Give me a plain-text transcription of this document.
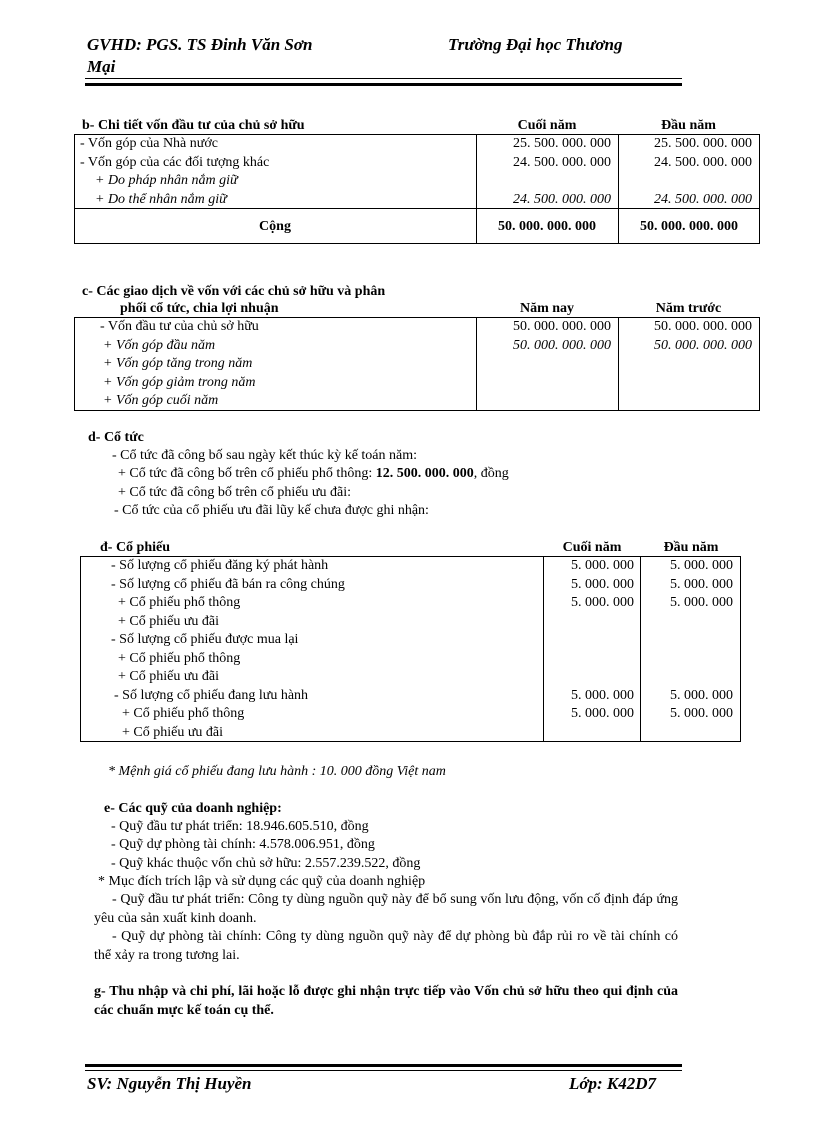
GVHD: PGS. TS Đinh Văn Sơn	Trường Đại học Thương
Mại
b- Chi tiết vốn đầu tư của chủ sở hữu	Cuối năm	Đầu năm
- Vốn góp của Nhà nước	25. 500. 000. 000	25. 500. 000. 000
- Vốn góp của các đối tượng khác	24. 500. 000. 000	24. 500. 000. 000
+ Do pháp nhân nắm giữ
+ Do thể nhân nắm giữ	24. 500. 000. 000	24. 500. 000. 000
Cộng	50. 000. 000. 000	50. 000. 000. 000
c- Các giao dịch về vốn với các chủ sở hữu và phân
phối cổ tức, chia lợi nhuận	Năm nay	Năm trước
- Vốn đầu tư của chủ sở hữu	50. 000. 000. 000	50. 000. 000. 000
+ Vốn góp đầu năm	50. 000. 000. 000	50. 000. 000. 000
+ Vốn góp tăng trong năm
+ Vốn góp giảm trong năm
+ Vốn góp cuối năm
d- Cổ tức
- Cổ tức đã công bố sau ngày kết thúc kỳ kế toán năm:
+ Cổ tức đã công bố trên cổ phiếu phổ thông: 12. 500. 000. 000, đồng
+ Cổ tức đã công bố trên cổ phiếu ưu đãi:
- Cổ tức của cổ phiếu ưu đãi lũy kế chưa được ghi nhận:
đ- Cổ phiếu	Cuối năm	Đầu năm
- Số lượng cổ phiếu đăng ký phát hành	5. 000. 000	5. 000. 000
- Số lượng cổ phiếu đã bán ra công chúng	5. 000. 000	5. 000. 000
+ Cổ phiếu phổ thông	5. 000. 000	5. 000. 000
+ Cổ phiếu ưu đãi
- Số lượng cổ phiếu được mua lại
+ Cổ phiếu phổ thông
+ Cổ phiếu ưu đãi
- Số lượng cổ phiếu đang lưu hành	5. 000. 000	5. 000. 000
+ Cổ phiếu phổ thông	5. 000. 000	5. 000. 000
+ Cổ phiếu ưu đãi
* Mệnh giá cổ phiếu đang lưu hành : 10. 000 đồng Việt nam
e- Các quỹ của doanh nghiệp:
- Quỹ đầu tư phát triển: 18.946.605.510, đồng
- Quỹ dự phòng tài chính: 4.578.006.951, đồng
- Quỹ khác thuộc vốn chủ sở hữu: 2.557.239.522, đồng
* Mục đích trích lập và sử dụng các quỹ của doanh nghiệp
- Quỹ đầu tư phát triển: Công ty dùng nguồn quỹ này để bổ sung vốn lưu động, vốn cố định đáp ứng yêu của sản xuất kinh doanh.
- Quỹ dự phòng tài chính: Công ty dùng nguồn quỹ này để dự phòng bù đắp rủi ro về tài chính có thể xảy ra trong tương lai.
g- Thu nhập và chi phí, lãi hoặc lỗ được ghi nhận trực tiếp vào Vốn chủ sở hữu theo qui định của các chuẩn mực kế toán cụ thể.
SV: Nguyễn Thị Huyền	Lớp: K42D7
